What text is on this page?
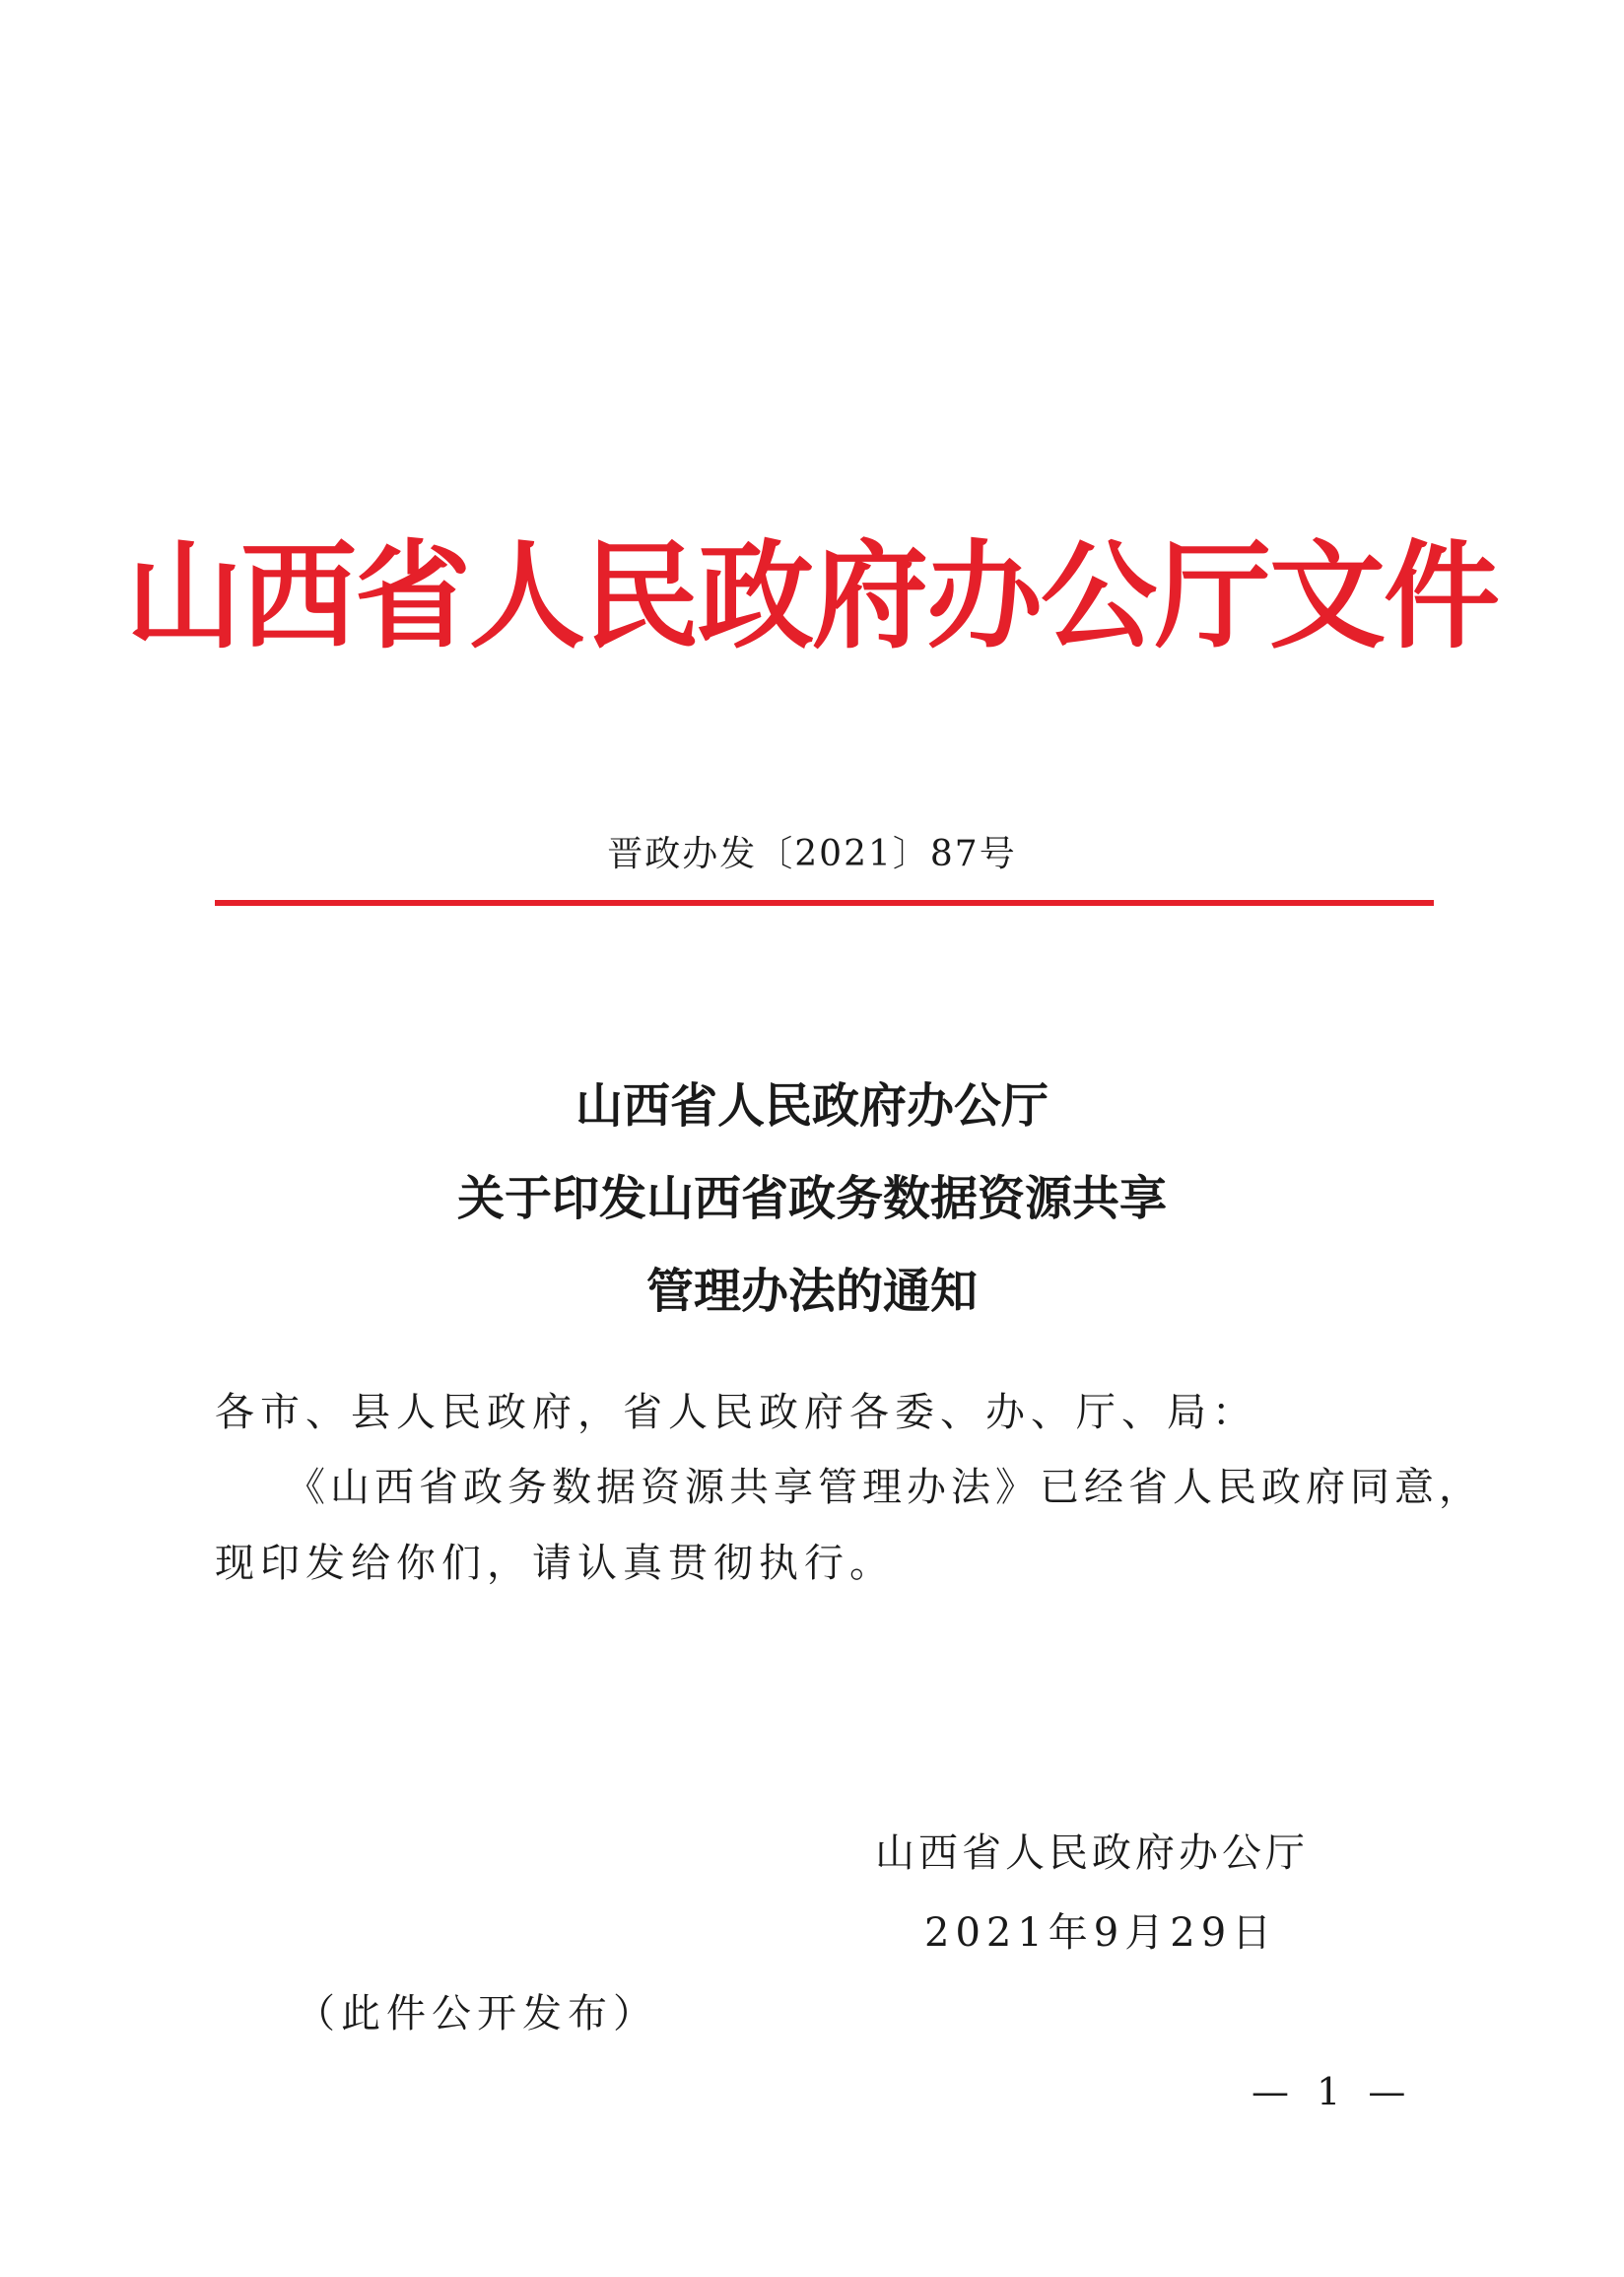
山西省人民政府办公厅文件
晋政办发〔2021〕87号
山西省人民政府办公厅
关于印发山西省政务数据资源共享
管理办法的通知
各市、县人民政府，省人民政府各委、办、厅、局：
《山西省政务数据资源共享管理办法》已经省人民政府同意，
现印发给你们，请认真贯彻执行。
山西省人民政府办公厅
2021年9月29日
（此件公开发布）
— 1 —
